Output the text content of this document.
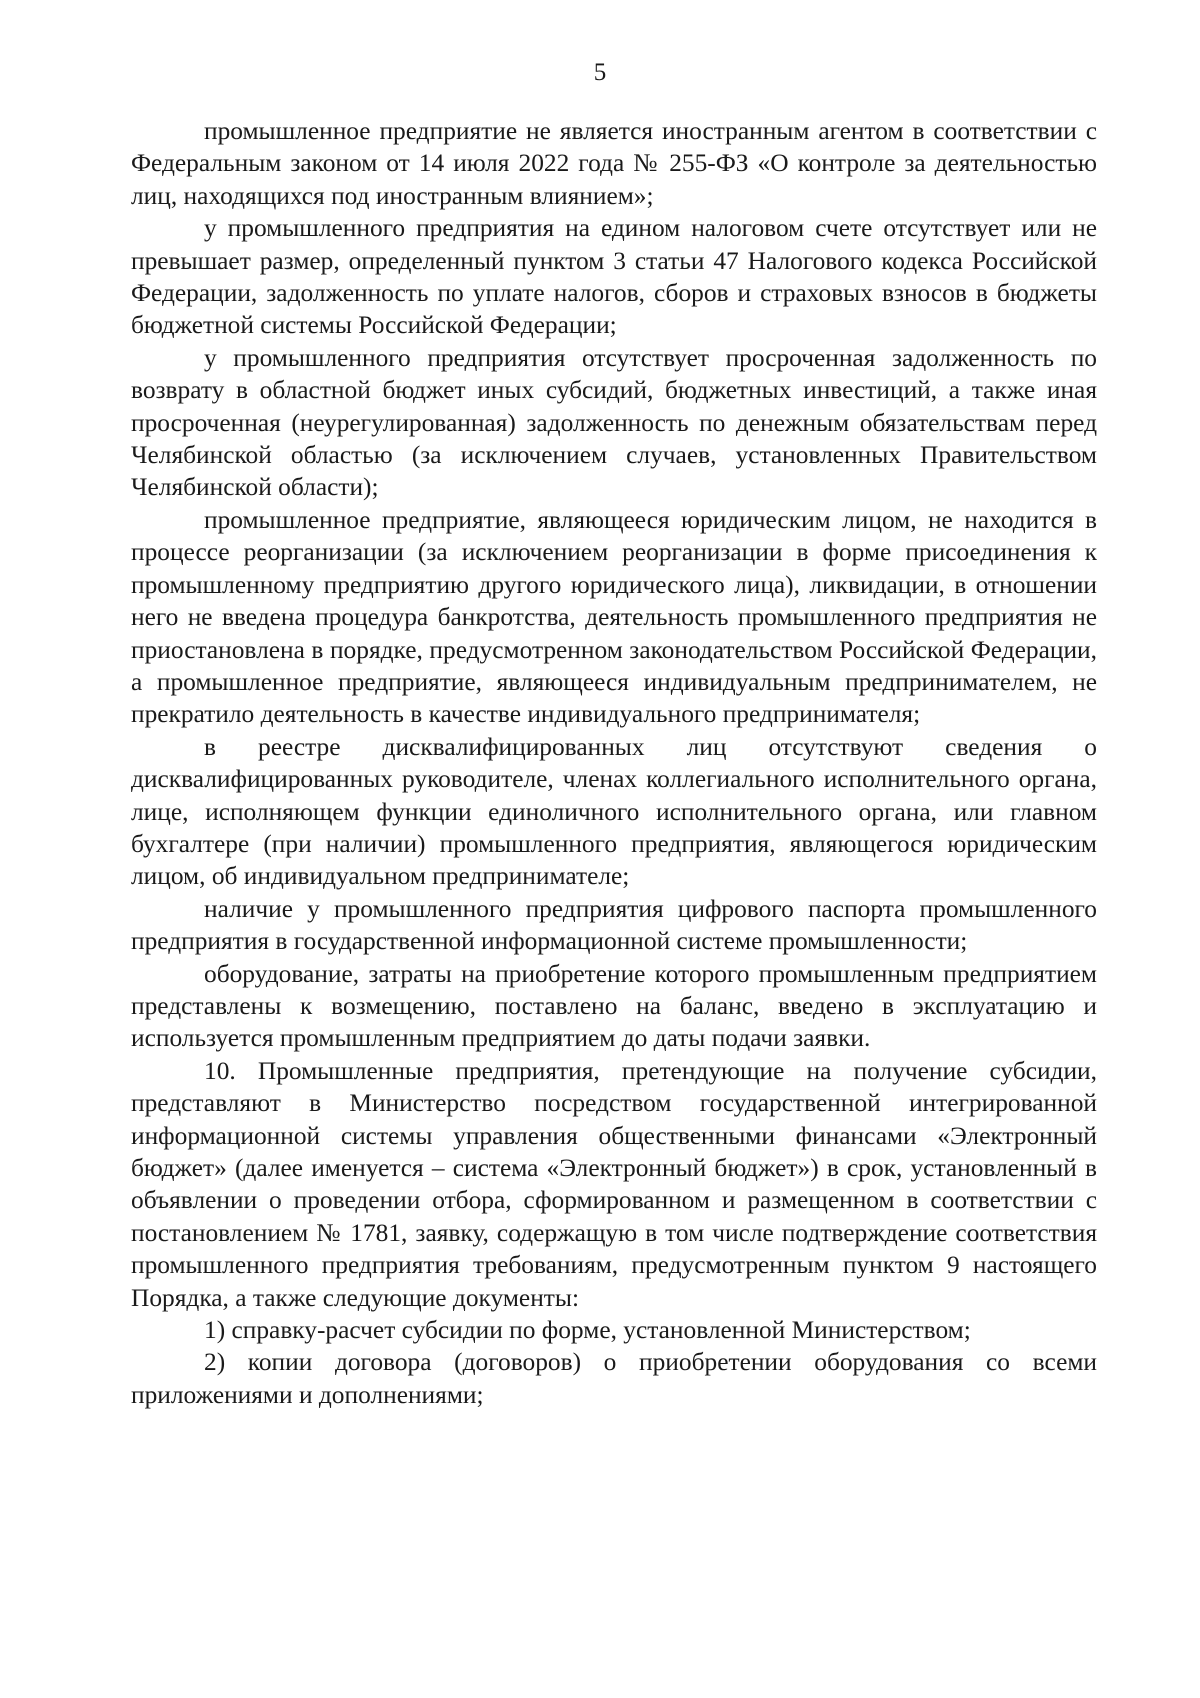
5

промышленное предприятие не является иностранным агентом в соответствии с Федеральным законом от 14 июля 2022 года № 255-ФЗ «О контроле за деятельностью лиц, находящихся под иностранным влиянием»;

у промышленного предприятия на едином налоговом счете отсутствует или не превышает размер, определенный пунктом 3 статьи 47 Налогового кодекса Российской Федерации, задолженность по уплате налогов, сборов и страховых взносов в бюджеты бюджетной системы Российской Федерации;

у промышленного предприятия отсутствует просроченная задолженность по возврату в областной бюджет иных субсидий, бюджетных инвестиций, а также иная просроченная (неурегулированная) задолженность по денежным обязательствам перед Челябинской областью (за исключением случаев, установленных Правительством Челябинской области);

промышленное предприятие, являющееся юридическим лицом, не находится в процессе реорганизации (за исключением реорганизации в форме присоединения к промышленному предприятию другого юридического лица), ликвидации, в отношении него не введена процедура банкротства, деятельность промышленного предприятия не приостановлена в порядке, предусмотренном законодательством Российской Федерации, а промышленное предприятие, являющееся индивидуальным предпринимателем, не прекратило деятельность в качестве индивидуального предпринимателя;

в реестре дисквалифицированных лиц отсутствуют сведения о дисквалифицированных руководителе, членах коллегиального исполнительного органа, лице, исполняющем функции единоличного исполнительного органа, или главном бухгалтере (при наличии) промышленного предприятия, являющегося юридическим лицом, об индивидуальном предпринимателе;

наличие у промышленного предприятия цифрового паспорта промышленного предприятия в государственной информационной системе промышленности;

оборудование, затраты на приобретение которого промышленным предприятием представлены к возмещению, поставлено на баланс, введено в эксплуатацию и используется промышленным предприятием до даты подачи заявки.

10. Промышленные предприятия, претендующие на получение субсидии, представляют в Министерство посредством государственной интегрированной информационной системы управления общественными финансами «Электронный бюджет» (далее именуется – система «Электронный бюджет») в срок, установленный в объявлении о проведении отбора, сформированном и размещенном в соответствии с постановлением № 1781, заявку, содержащую в том числе подтверждение соответствия промышленного предприятия требованиям, предусмотренным пунктом 9 настоящего Порядка, а также следующие документы:

1) справку-расчет субсидии по форме, установленной Министерством;

2) копии договора (договоров) о приобретении оборудования со всеми приложениями и дополнениями;
